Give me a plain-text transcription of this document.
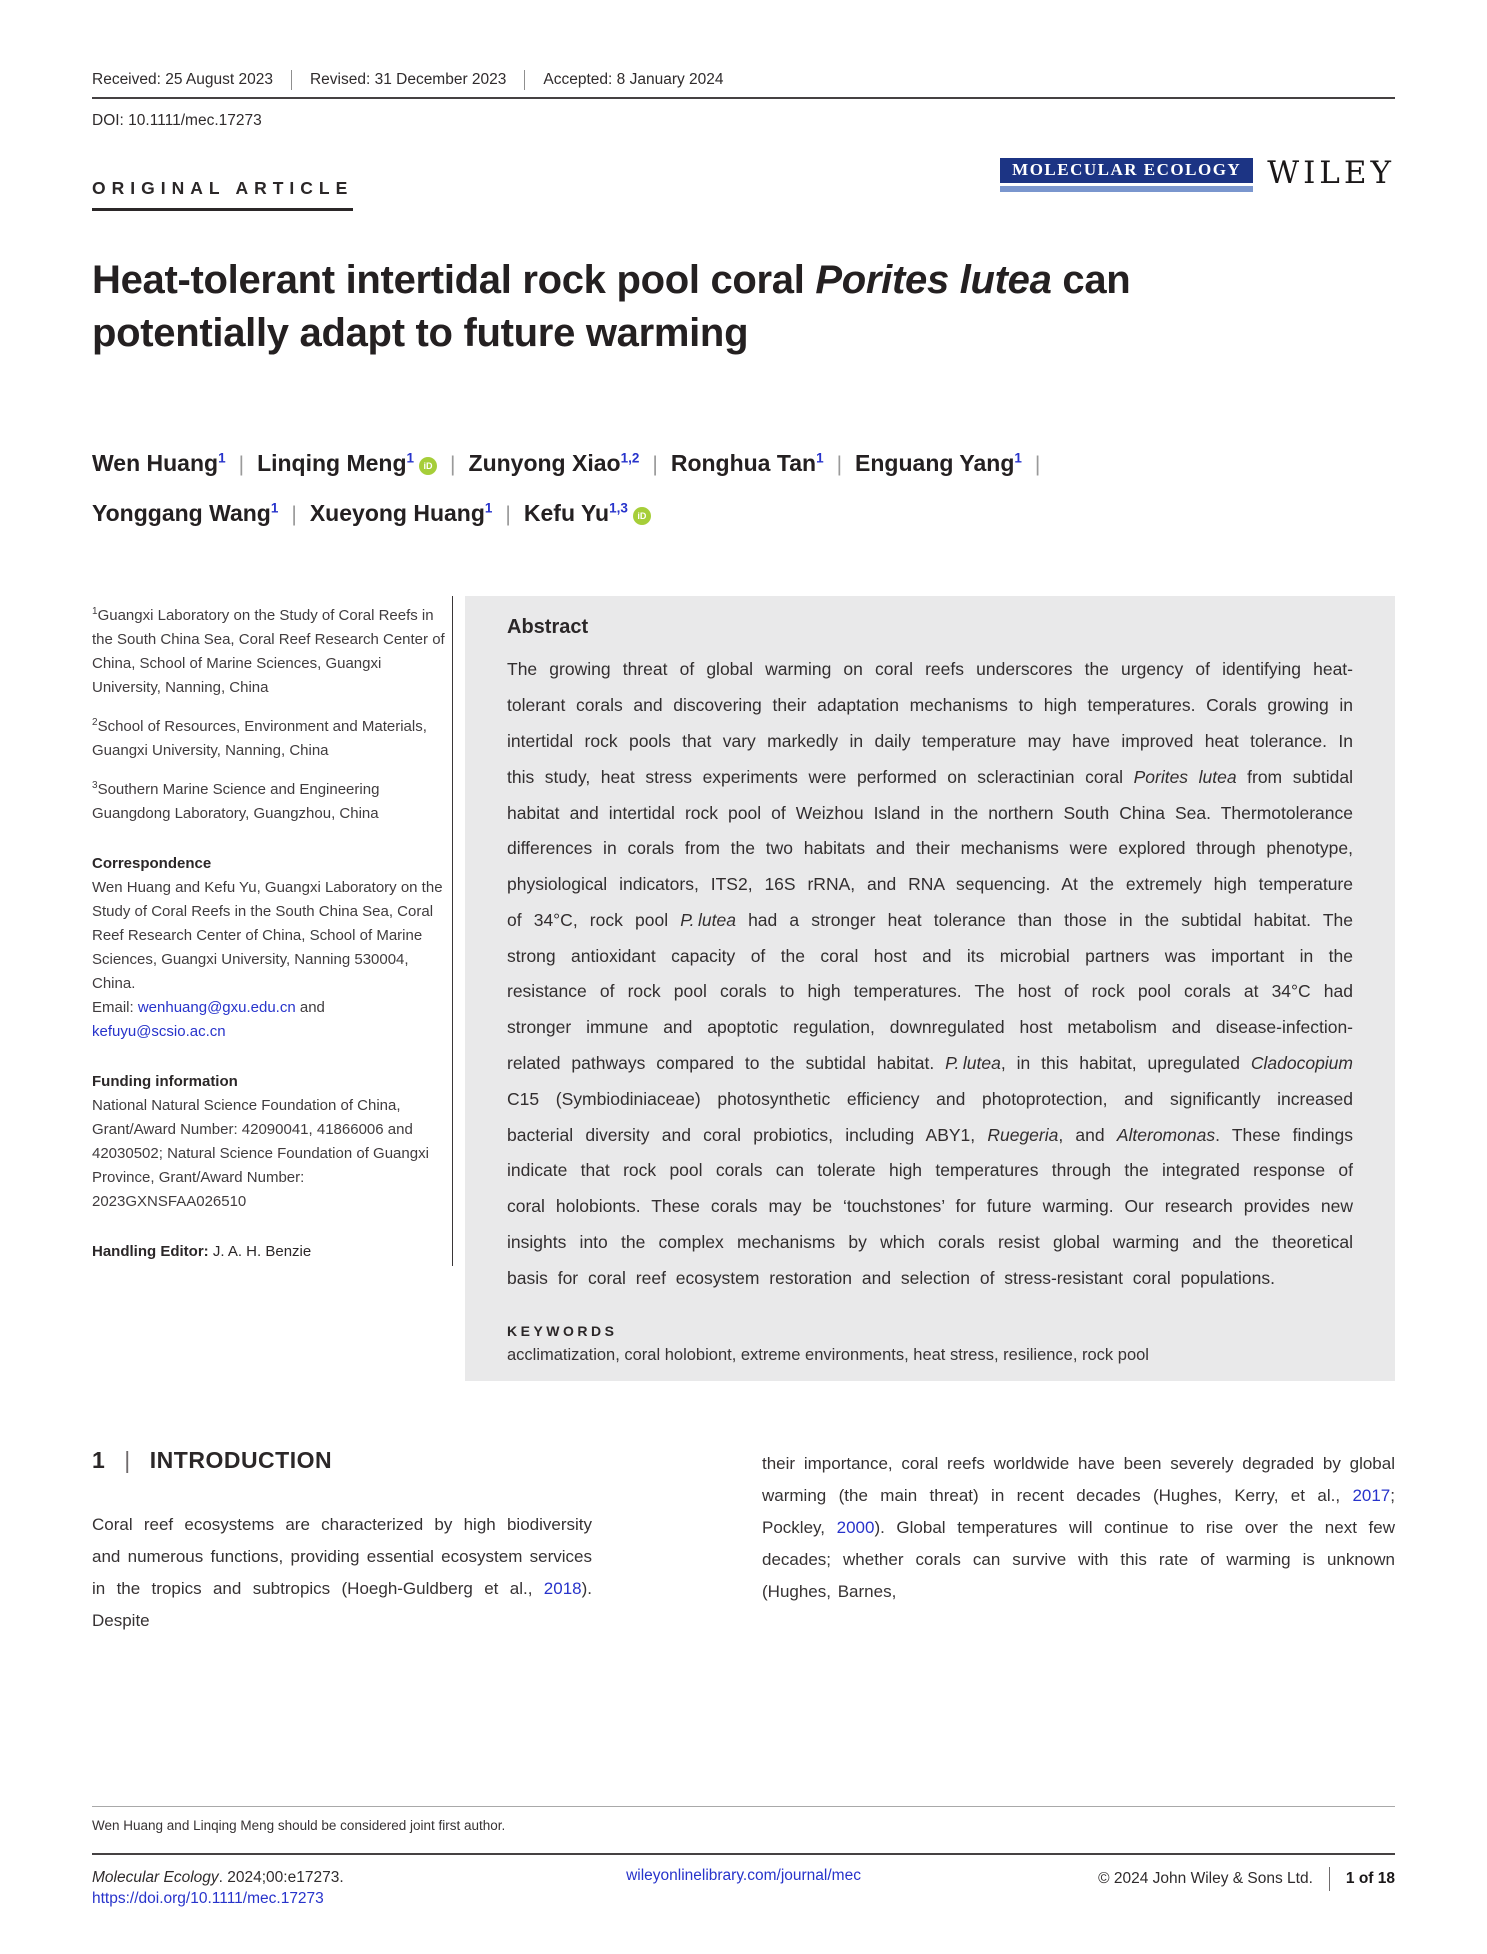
Received: 25 August 2023 Revised: 31 December 2023 Accepted: 8 January 2024
DOI: 10.1111/mec.17273
ORIGINAL ARTICLE
MOLECULAR ECOLOGY WILEY
Heat-tolerant intertidal rock pool coral Porites lutea can
potentially adapt to future warming
Wen Huang$^1$ | Linqing Meng$^1$
iD | Zunyong Xiao$^{1,2}$ | Ronghua Tan$^1$ | Enguang Yang$^1$ |
Yonggang Wang$^1$ | Xueyong Huang$^1$ | Kefu Yu$^{1,3}$
iD

$^1$Guangxi Laboratory on the Study of Coral Reefs in the South China Sea, Coral Reef Research Center of China, School of Marine Sciences, Guangxi University, Nanning, China

$^2$School of Resources, Environment and Materials, Guangxi University, Nanning, China

$^3$Southern Marine Science and Engineering Guangdong Laboratory, Guangzhou, China

Correspondence

Wen Huang and Kefu Yu, Guangxi Laboratory on the Study of Coral Reefs in the South China Sea, Coral Reef Research Center of China, School of Marine Sciences, Guangxi University, Nanning 530004, China.
Email: wenhuang@gxu.edu.cn and
kefuyu@scsio.ac.cn

Funding information

National Natural Science Foundation of China, Grant/Award Number: 42090041, 41866006 and 42030502; Natural Science Foundation of Guangxi Province, Grant/Award Number: 2023GXNSFAA026510

Handling Editor: J. A. H. Benzie

Abstract

The growing threat of global warming on coral reefs underscores the urgency of identifying heat-tolerant corals and discovering their adaptation mechanisms to high temperatures. Corals growing in intertidal rock pools that vary markedly in daily temperature may have improved heat tolerance. In this study, heat stress experiments were performed on scleractinian coral Porites lutea from subtidal habitat and intertidal rock pool of Weizhou Island in the northern South China Sea. Thermotolerance differences in corals from the two habitats and their mechanisms were explored through phenotype, physiological indicators, ITS2, 16S rRNA, and RNA sequencing. At the extremely high temperature of 34°C, rock pool P. lutea had a stronger heat tolerance than those in the subtidal habitat. The strong antioxidant capacity of the coral host and its microbial partners was important in the resistance of rock pool corals to high temperatures. The host of rock pool corals at 34°C had stronger immune and apoptotic regulation, downregulated host metabolism and disease-infection-related pathways compared to the subtidal habitat. P. lutea, in this habitat, upregulated Cladocopium C15 (Symbiodiniaceae) photosynthetic efficiency and photoprotection, and significantly increased bacterial diversity and coral probiotics, including ABY1, Ruegeria, and Alteromonas. These findings indicate that rock pool corals can tolerate high temperatures through the integrated response of coral holobionts. These corals may be ‘touchstones’ for future warming. Our research provides new insights into the complex mechanisms by which corals resist global warming and the theoretical basis for coral reef ecosystem restoration and selection of stress-resistant coral populations.

KEYWORDS
acclimatization, coral holobiont, extreme environments, heat stress, resilience, rock pool
1 | INTRODUCTION

Coral reef ecosystems are characterized by high biodiversity and numerous functions, providing essential ecosystem services in the tropics and subtropics (Hoegh-Guldberg et al., 2018). Despite

their importance, coral reefs worldwide have been severely degraded by global warming (the main threat) in recent decades (Hughes, Kerry, et al., 2017; Pockley, 2000). Global temperatures will continue to rise over the next few decades; whether corals can survive with this rate of warming is unknown (Hughes, Barnes,

Wen Huang and Linqing Meng should be considered joint first author.
Molecular Ecology. 2024;00:e17273.
https://doi.org/10.1111/mec.17273
wileyonlinelibrary.com/journal/mec	© 2024 John Wiley & Sons Ltd. 1 of 18
